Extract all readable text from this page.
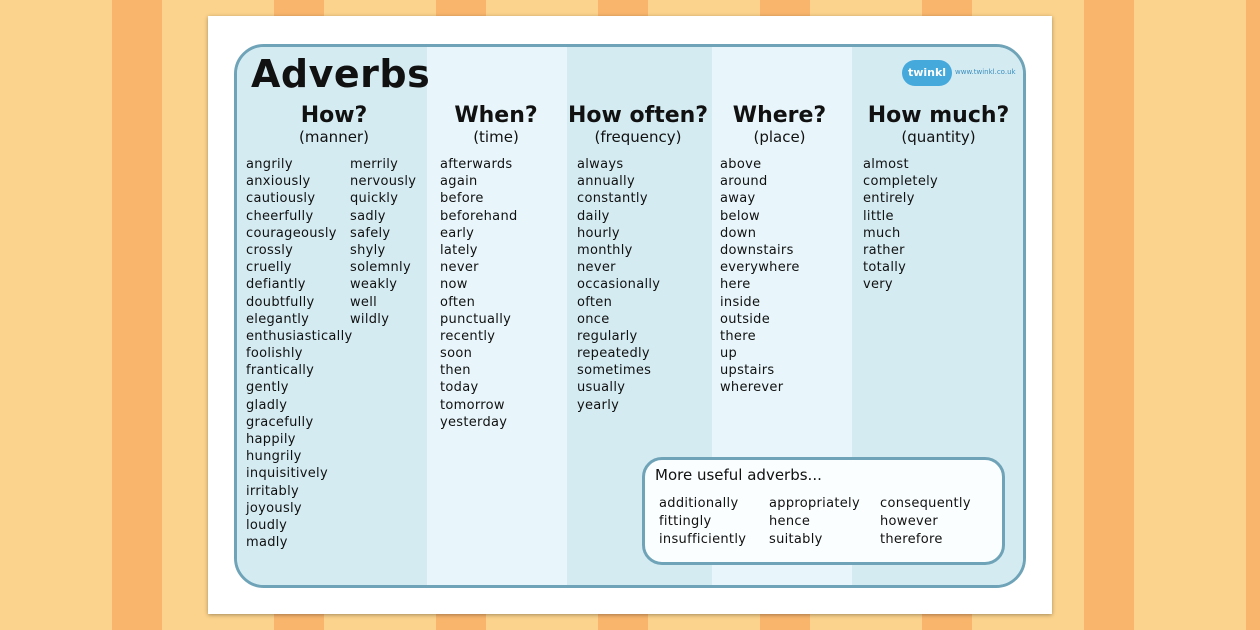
Adverbs	twinkl	www.twinkl.co.uk
How?
(manner)
When?
(time)
How often?
(frequency)
Where?
(place)
How much?
(quantity)
angrily
anxiously
cautiously
cheerfully
courageously
crossly
cruelly
defiantly
doubtfully
elegantly
enthusiastically
foolishly
frantically
gently
gladly
gracefully
happily
hungrily
inquisitively
irritably
joyously
loudly
madly
merrily
nervously
quickly
sadly
safely
shyly
solemnly
weakly
well
wildly
afterwards
again
before
beforehand
early
lately
never
now
often
punctually
recently
soon
then
today
tomorrow
yesterday
always
annually
constantly
daily
hourly
monthly
never
occasionally
often
once
regularly
repeatedly
sometimes
usually
yearly
above
around
away
below
down
downstairs
everywhere
here
inside
outside
there
up
upstairs
wherever
almost
completely
entirely
little
much
rather
totally
very
More useful adverbs...
additionally
fittingly
insufficiently
appropriately
hence
suitably
consequently
however
therefore
